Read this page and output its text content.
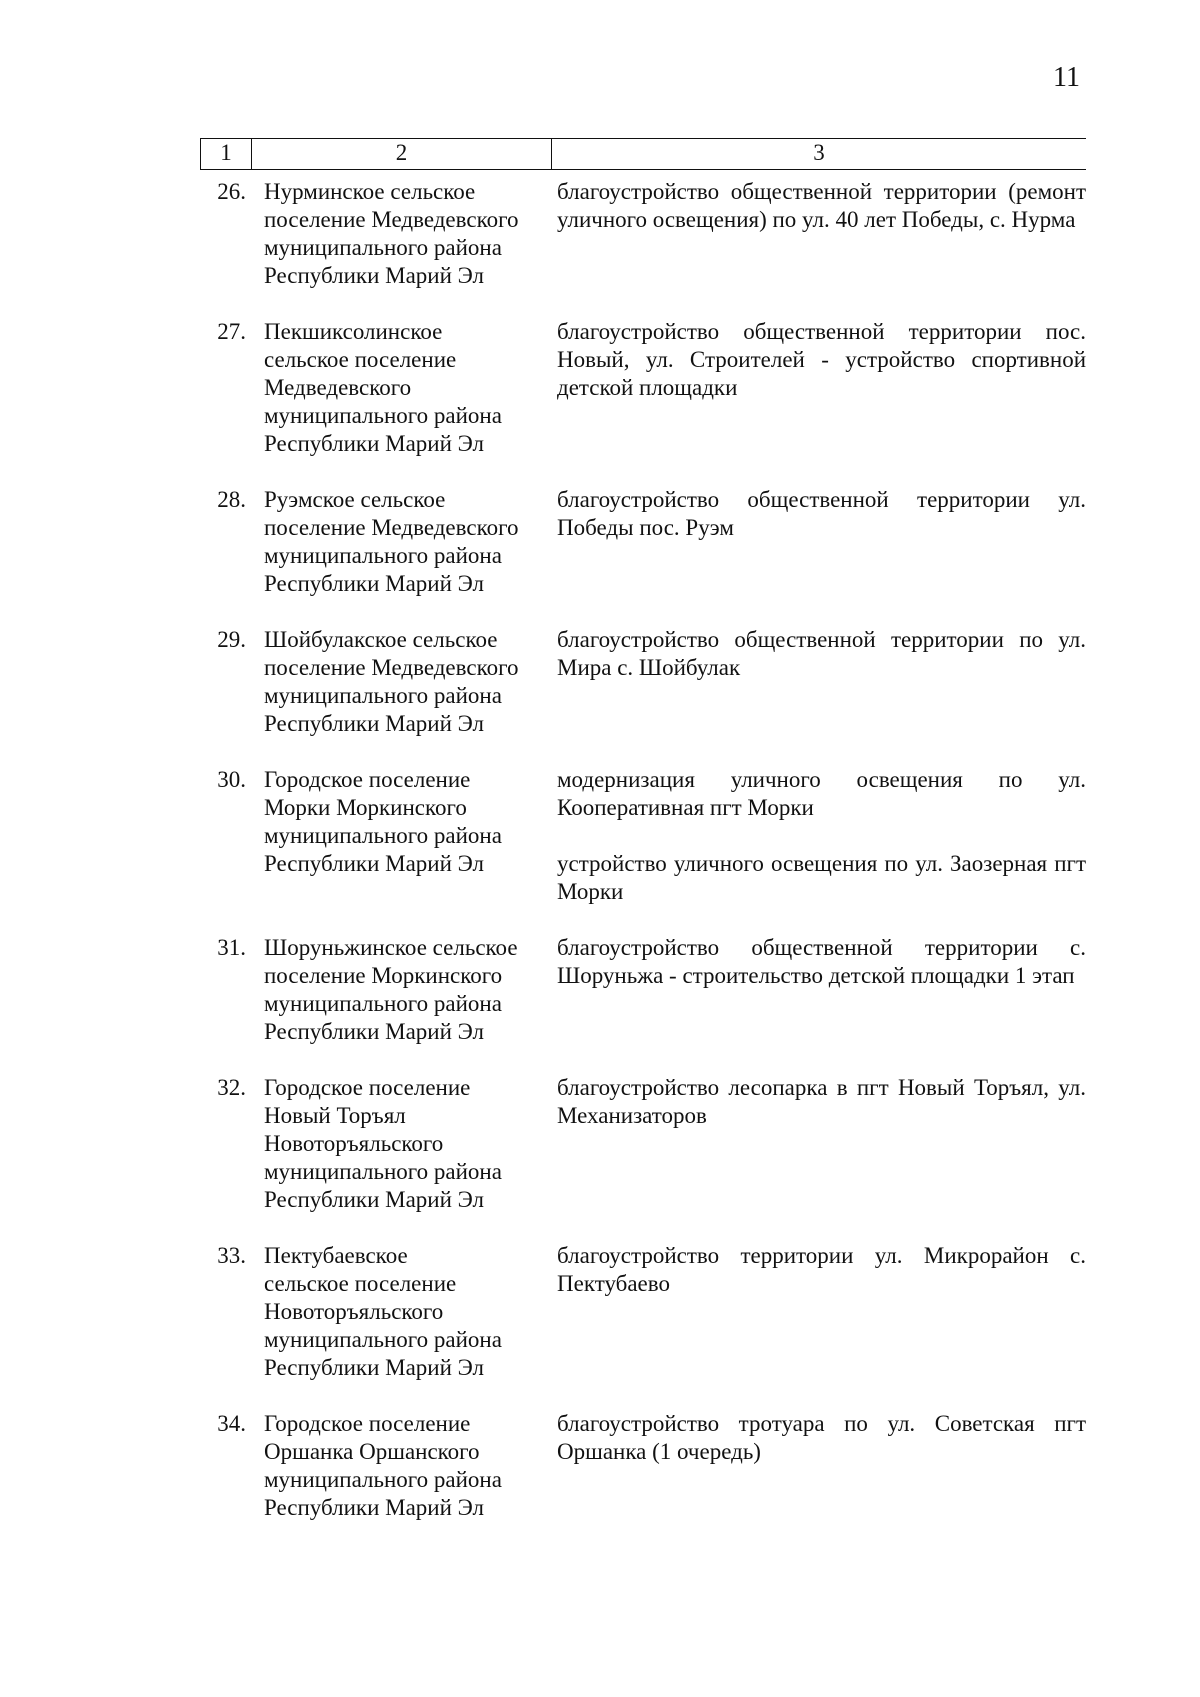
11
1	2	3
26. Нурминское сельское
поселение Медведевского
муниципального района
Республики Марий Эл

благоустройство общественной территории (ремонт уличного освещения) по ул. 40 лет Победы, с. Нурма

27. Пекшиксолинское
сельское поселение
Медведевского
муниципального района
Республики Марий Эл

благоустройство общественной территории пос. Новый, ул. Строителей - устройство спортивной детской площадки

28. Руэмское сельское
поселение Медведевского
муниципального района
Республики Марий Эл

благоустройство общественной территории ул. Победы пос. Руэм

29. Шойбулакское сельское
поселение Медведевского
муниципального района
Республики Марий Эл

благоустройство общественной территории по ул. Мира с. Шойбулак

30. Городское поселение
Морки Моркинского
муниципального района
Республики Марий Эл

модернизация уличного освещения по ул. Кооперативная пгт Морки

устройство уличного освещения по ул. Заозерная пгт Морки

31. Шоруньжинское сельское
поселение Моркинского
муниципального района
Республики Марий Эл

благоустройство общественной территории с. Шоруньжа - строительство детской площадки 1 этап

32. Городское поселение
Новый Торъял
Новоторъяльского
муниципального района
Республики Марий Эл

благоустройство лесопарка в пгт Новый Торъял, ул. Механизаторов

33. Пектубаевское
сельское поселение
Новоторъяльского
муниципального района
Республики Марий Эл

благоустройство территории ул. Микрорайон с. Пектубаево

34. Городское поселение
Оршанка Оршанского
муниципального района
Республики Марий Эл

благоустройство тротуара по ул. Советская пгт Оршанка (1 очередь)
